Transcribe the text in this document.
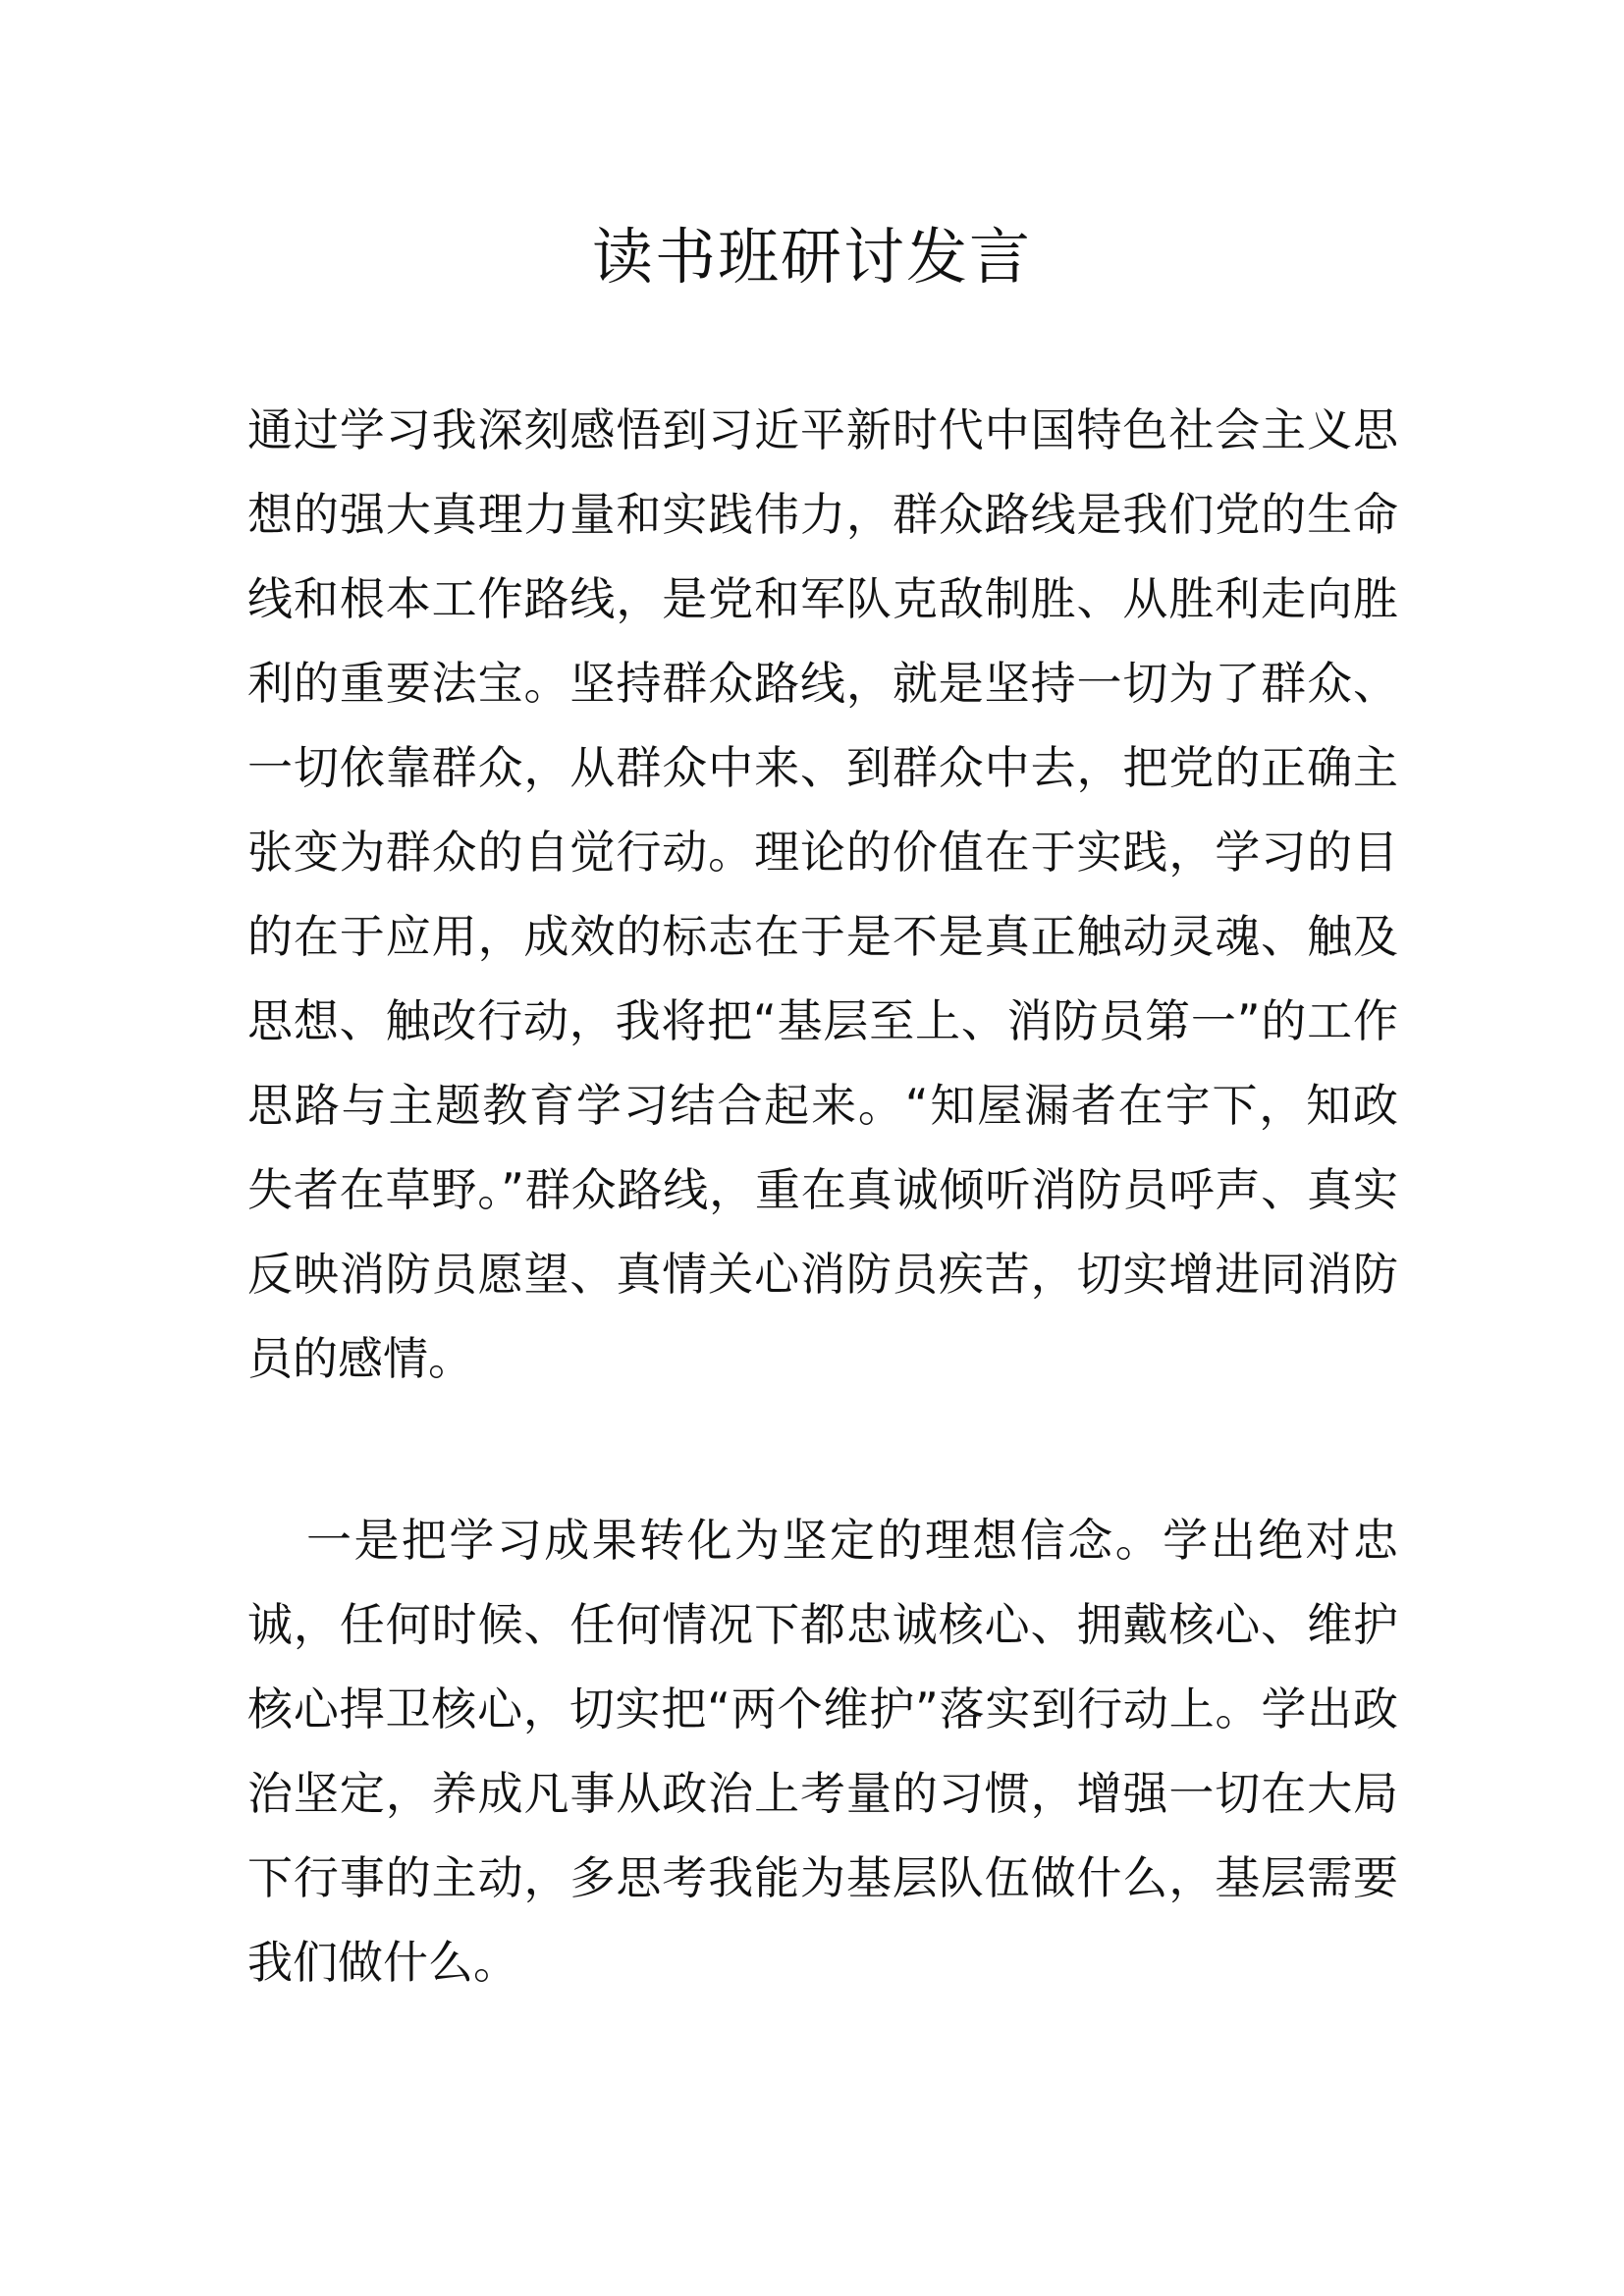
读书班研讨发言

通过学习我深刻感悟到习近平新时代中国特色社会主义思想的强大真理力量和实践伟力，群众路线是我们党的生命线和根本工作路线，是党和军队克敌制胜、从胜利走向胜利的重要法宝。坚持群众路线，就是坚持一切为了群众、一切依靠群众，从群众中来、到群众中去，把党的正确主张变为群众的自觉行动。理论的价值在于实践，学习的目的在于应用，成效的标志在于是不是真正触动灵魂、触及思想、触改行动，我将把“基层至上、消防员第一”的工作思路与主题教育学习结合起来。“知屋漏者在宇下，知政失者在草野。”群众路线，重在真诚倾听消防员呼声、真实反映消防员愿望、真情关心消防员疾苦，切实增进同消防员的感情。

一是把学习成果转化为坚定的理想信念。学出绝对忠诚，任何时候、任何情况下都忠诚核心、拥戴核心、维护核心捍卫核心，切实把“两个维护”落实到行动上。学出政治坚定，养成凡事从政治上考量的习惯，增强一切在大局下行事的主动，多思考我能为基层队伍做什么，基层需要我们做什么。
